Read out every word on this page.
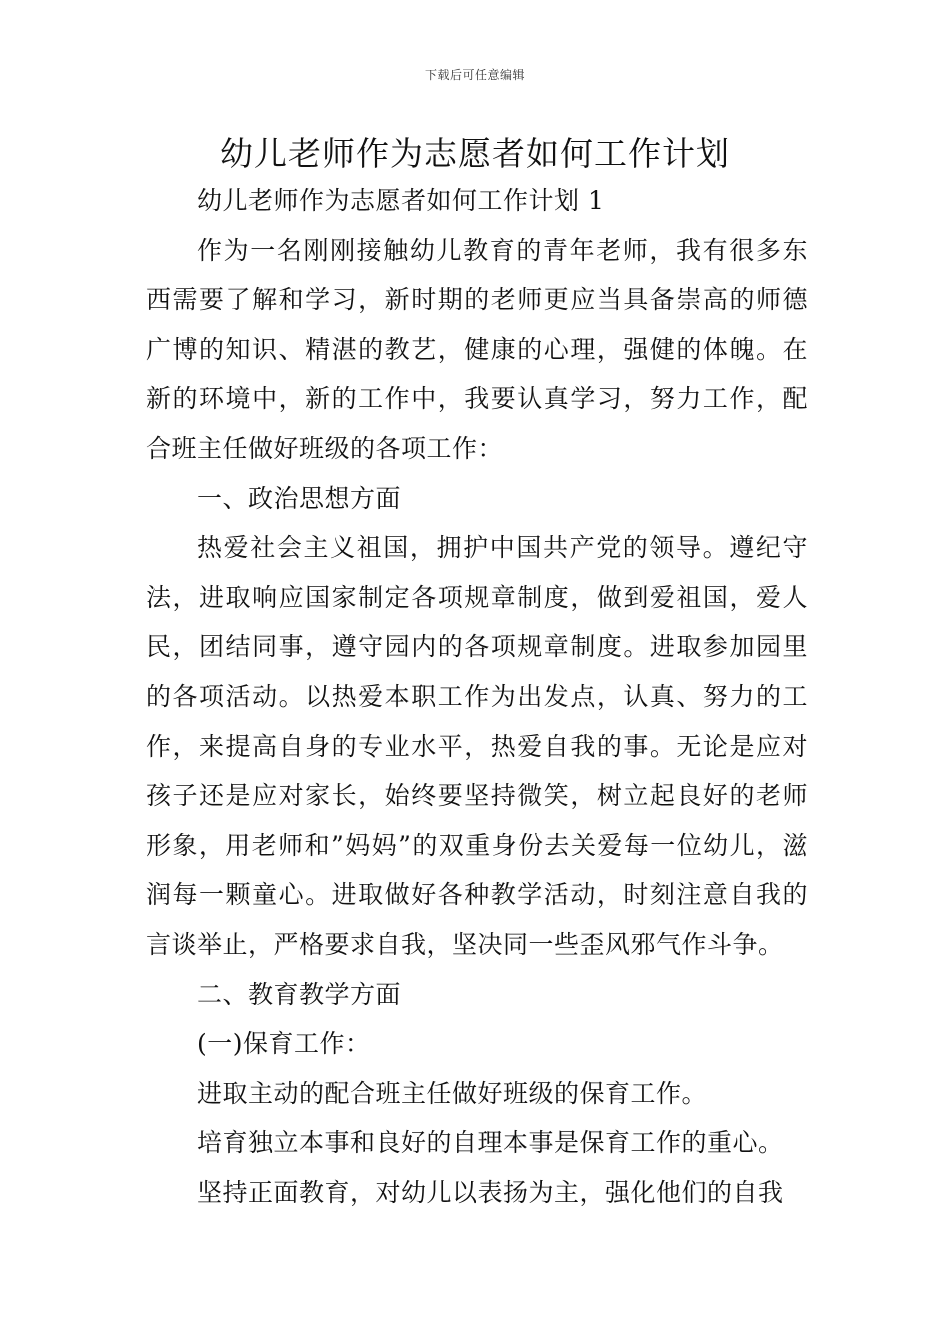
下载后可任意编辑
幼儿老师作为志愿者如何工作计划

幼儿老师作为志愿者如何工作计划 1

作为一名刚刚接触幼儿教育的青年老师，我有很多东西需要了解和学习，新时期的老师更应当具备崇高的师德广博的知识、精湛的教艺，健康的心理，强健的体魄。在新的环境中，新的工作中，我要认真学习，努力工作，配合班主任做好班级的各项工作：

一、政治思想方面

热爱社会主义祖国，拥护中国共产党的领导。遵纪守法，进取响应国家制定各项规章制度，做到爱祖国，爱人民，团结同事，遵守园内的各项规章制度。进取参加园里的各项活动。以热爱本职工作为出发点，认真、努力的工作，来提高自身的专业水平，热爱自我的事。无论是应对孩子还是应对家长，始终要坚持微笑，树立起良好的老师形象，用老师和”妈妈”的双重身份去关爱每一位幼儿，滋润每一颗童心。进取做好各种教学活动，时刻注意自我的言谈举止，严格要求自我，坚决同一些歪风邪气作斗争。

二、教育教学方面

(一)保育工作：

进取主动的配合班主任做好班级的保育工作。

培育独立本事和良好的自理本事是保育工作的重心。

坚持正面教育，对幼儿以表扬为主，强化他们的自我
